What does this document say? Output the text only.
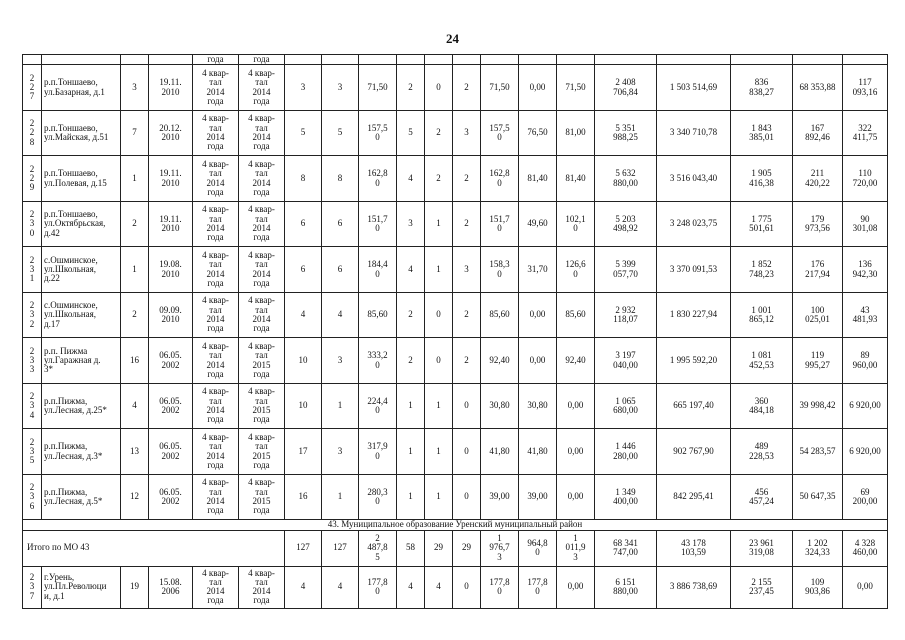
24
				года	года														
2
2
7	р.п.Тоншаево,
ул.Базарная, д.1	3	19.11.
2010	4 квар-
тал
2014
года	4 квар-
тал
2014
года	3	3	71,50	2	0	2	71,50	0,00	71,50	2 408
706,84	1 503 514,69	836
838,27	68 353,88	117
093,16
2
2
8	р.п.Тоншаево,
ул.Майская, д.51	7	20.12.
2010	4 квар-
тал
2014
года	4 квар-
тал
2014
года	5	5	157,5
0	5	2	3	157,5
0	76,50	81,00	5 351
988,25	3 340 710,78	1 843
385,01	167
892,46	322
411,75
2
2
9	р.п.Тоншаево,
ул.Полевая, д.15	1	19.11.
2010	4 квар-
тал
2014
года	4 квар-
тал
2014
года	8	8	162,8
0	4	2	2	162,8
0	81,40	81,40	5 632
880,00	3 516 043,40	1 905
416,38	211
420,22	110
720,00
2
3
0	р.п.Тоншаево,
ул.Октябрьская,
д.42	2	19.11.
2010	4 квар-
тал
2014
года	4 квар-
тал
2014
года	6	6	151,7
0	3	1	2	151,7
0	49,60	102,1
0	5 203
498,92	3 248 023,75	1 775
501,61	179
973,56	90
301,08
2
3
1	с.Ошминское,
ул.Школьная,
д.22	1	19.08.
2010	4 квар-
тал
2014
года	4 квар-
тал
2014
года	6	6	184,4
0	4	1	3	158,3
0	31,70	126,6
0	5 399
057,70	3 370 091,53	1 852
748,23	176
217,94	136
942,30
2
3
2	с.Ошминское,
ул.Школьная,
д.17	2	09.09.
2010	4 квар-
тал
2014
года	4 квар-
тал
2014
года	4	4	85,60	2	0	2	85,60	0,00	85,60	2 932
118,07	1 830 227,94	1 001
865,12	100
025,01	43
481,93
2
3
3	р.п. Пижма
ул.Гаражная д.
3*	16	06.05.
2002	4 квар-
тал
2014
года	4 квар-
тал
2015
года	10	3	333,2
0	2	0	2	92,40	0,00	92,40	3 197
040,00	1 995 592,20	1 081
452,53	119
995,27	89
960,00
2
3
4	р.п.Пижма,
ул.Лесная, д.25*	4	06.05.
2002	4 квар-
тал
2014
года	4 квар-
тал
2015
года	10	1	224,4
0	1	1	0	30,80	30,80	0,00	1 065
680,00	665 197,40	360
484,18	39 998,42	6 920,00
2
3
5	р.п.Пижма,
ул.Лесная, д.3*	13	06.05.
2002	4 квар-
тал
2014
года	4 квар-
тал
2015
года	17	3	317,9
0	1	1	0	41,80	41,80	0,00	1 446
280,00	902 767,90	489
228,53	54 283,57	6 920,00
2
3
6	р.п.Пижма,
ул.Лесная, д.5*	12	06.05.
2002	4 квар-
тал
2014
года	4 квар-
тал
2015
года	16	1	280,3
0	1	1	0	39,00	39,00	0,00	1 349
400,00	842 295,41	456
457,24	50 647,35	69
200,00
43. Муниципальное образование Уренский муниципальный район																			
Итого по МО 43						127	127	2
487,8
5	58	29	29	1
976,7
3	964,8
0	1
011,9
3	68 341
747,00	43 178
103,59	23 961
319,08	1 202
324,33	4 328
460,00
2
3
7	г.Урень,
ул.Пл.Революци
и, д.1	19	15.08.
2006	4 квар-
тал
2014
года	4 квар-
тал
2014
года	4	4	177,8
0	4	4	0	177,8
0	177,8
0	0,00	6 151
880,00	3 886 738,69	2 155
237,45	109
903,86	0,00
